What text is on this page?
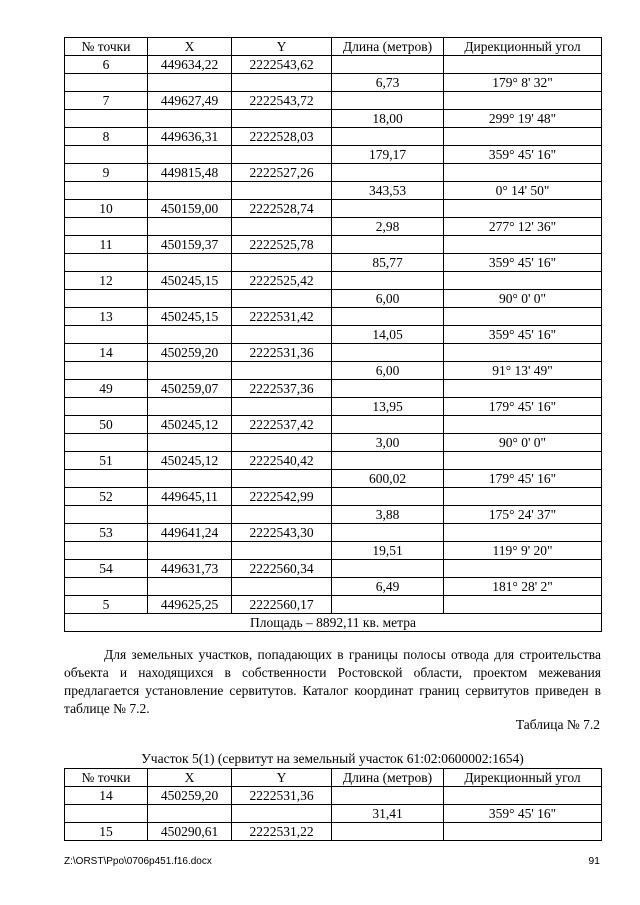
№ точки	X	Y	Длина (метров)	Дирекционный угол
6	449634,22	2222543,62		
			6,73	179° 8' 32"
7	449627,49	2222543,72		
			18,00	299° 19' 48"
8	449636,31	2222528,03		
			179,17	359° 45' 16"
9	449815,48	2222527,26		
			343,53	0° 14' 50"
10	450159,00	2222528,74		
			2,98	277° 12' 36"
11	450159,37	2222525,78		
			85,77	359° 45' 16"
12	450245,15	2222525,42		
			6,00	90° 0' 0"
13	450245,15	2222531,42		
			14,05	359° 45' 16"
14	450259,20	2222531,36		
			6,00	91° 13' 49"
49	450259,07	2222537,36		
			13,95	179° 45' 16"
50	450245,12	2222537,42		
			3,00	90° 0' 0"
51	450245,12	2222540,42		
			600,02	179° 45' 16"
52	449645,11	2222542,99		
			3,88	175° 24' 37"
53	449641,24	2222543,30		
			19,51	119° 9' 20"
54	449631,73	2222560,34		
			6,49	181° 28' 2"
5	449625,25	2222560,17		
Площадь – 8892,11 кв. метра				

Для земельных участков, попадающих в границы полосы отвода для строительства объекта и находящихся в собственности Ростовской области, проектом межевания предлагается установление сервитутов. Каталог координат границ сервитутов приведен в таблице № 7.2.

Таблица № 7.2
Участок 5(1) (сервитут на земельный участок 61:02:0600002:1654)
№ точки	X	Y	Длина (метров)	Дирекционный угол
14	450259,20	2222531,36		
			31,41	359° 45' 16"
15	450290,61	2222531,22		
Z:\ORST\Ppo\0706p451.f16.docx	91
